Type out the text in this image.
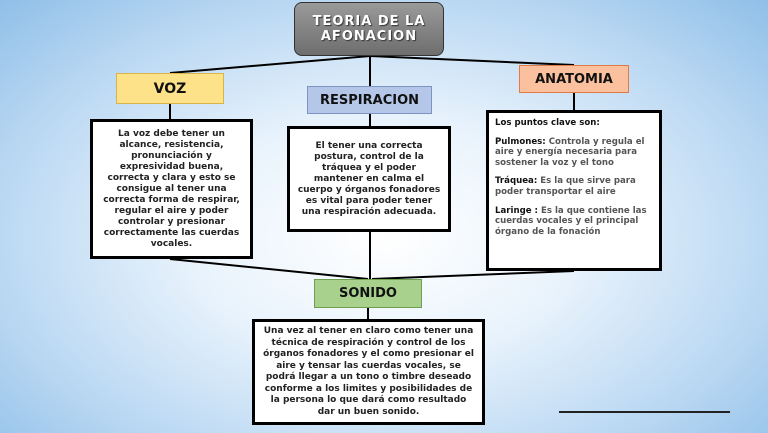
TEORIA DE LA
AFONACION
VOZ
RESPIRACION
ANATOMIA
SONIDO
La voz debe tener un alcance, resistencia, pronunciación y expresividad buena, correcta y clara y esto se consigue al tener una correcta forma de respirar, regular el aire y poder controlar y presionar correctamente las cuerdas vocales.
El tener una correcta postura, control de la tráquea y el poder mantener en calma el cuerpo y órganos fonadores es vital para poder tener una respiración adecuada.

Los puntos clave son:

Pulmones: Controla y regula el aire y energía necesaria para sostener la voz y el tono

Tráquea: Es la que sirve para poder transportar el aire

Laringe : Es la que contiene las cuerdas vocales y el principal órgano de la fonación

Una vez al tener en claro como tener una técnica de respiración y control de los órganos fonadores y el como presionar el aire y tensar las cuerdas vocales, se podrá llegar a un tono o timbre deseado conforme a los limites y posibilidades de la persona lo que dará como resultado dar un buen sonido.
